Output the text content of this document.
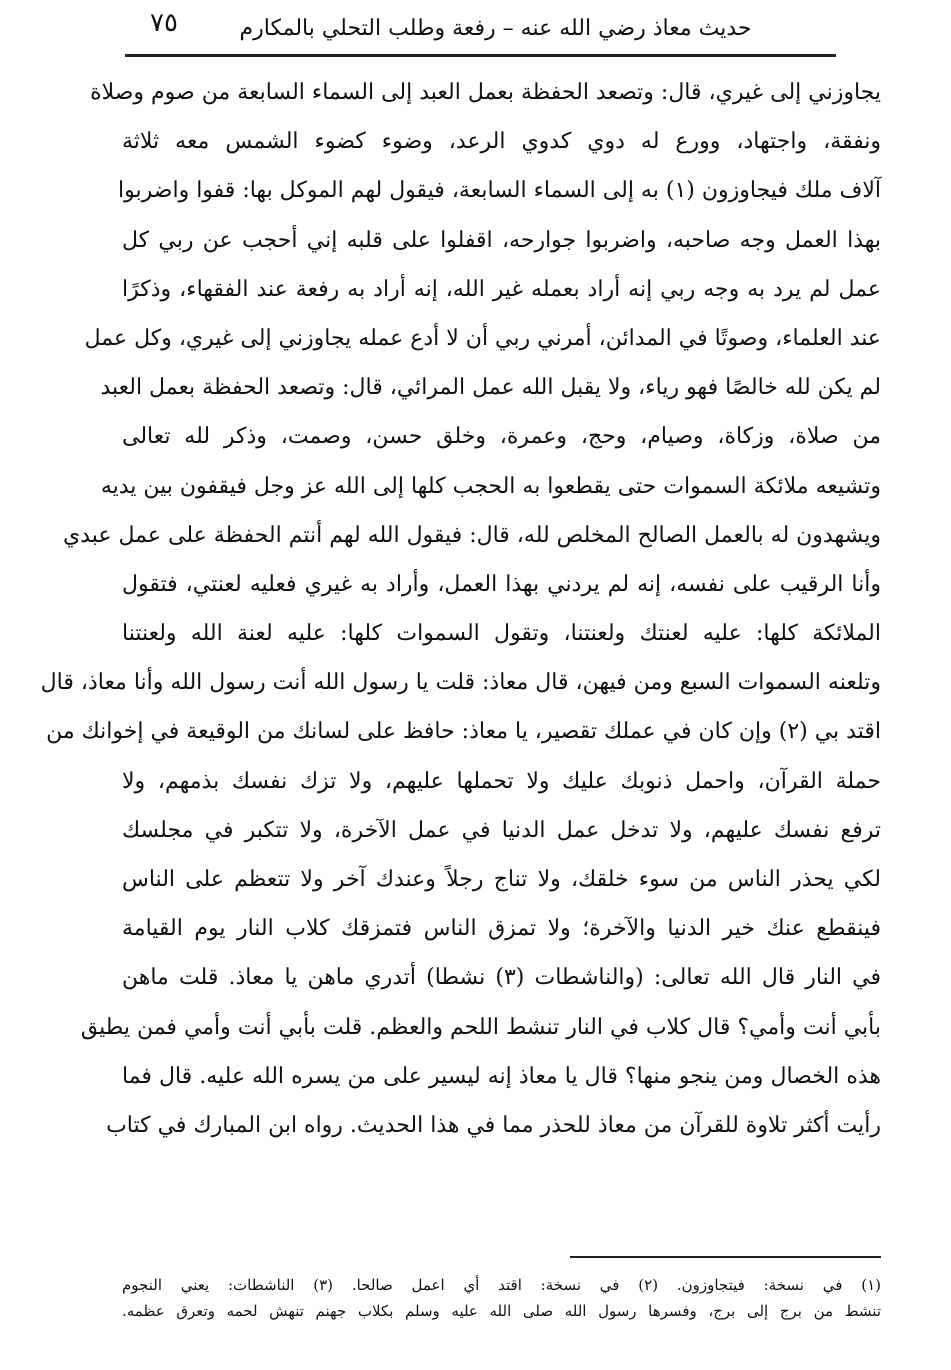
حديث معاذ رضي الله عنه – رفعة وطلب التحلي بالمكارم
٧٥
يجاوزني إلى غيري، قال: وتصعد الحفظة بعمل العبد إلى السماء السابعة من صوم وصلاة
ونفقة، واجتهاد، وورع له دوي كدوي الرعد، وضوء كضوء الشمس معه ثلاثة
آلاف ملك فيجاوزون (١) به إلى السماء السابعة، فيقول لهم الموكل بها: قفوا واضربوا
بهذا العمل وجه صاحبه، واضربوا جوارحه، اقفلوا على قلبه إني أحجب عن ربي كل
عمل لم يرد به وجه ربي إنه أراد بعمله غير الله، إنه أراد به رفعة عند الفقهاء، وذكرًا
عند العلماء، وصوتًا في المدائن، أمرني ربي أن لا أدع عمله يجاوزني إلى غيري، وكل عمل
لم يكن لله خالصًا فهو رياء، ولا يقبل الله عمل المرائي، قال: وتصعد الحفظة بعمل العبد
من صلاة، وزكاة، وصيام، وحج، وعمرة، وخلق حسن، وصمت، وذكر لله تعالى
وتشيعه ملائكة السموات حتى يقطعوا به الحجب كلها إلى الله عز وجل فيقفون بين يديه
ويشهدون له بالعمل الصالح المخلص لله، قال: فيقول الله لهم أنتم الحفظة على عمل عبدي
وأنا الرقيب على نفسه، إنه لم يردني بهذا العمل، وأراد به غيري فعليه لعنتي، فتقول
الملائكة كلها: عليه لعنتك ولعنتنا، وتقول السموات كلها: عليه لعنة الله ولعنتنا
وتلعنه السموات السبع ومن فيهن، قال معاذ: قلت يا رسول الله أنت رسول الله وأنا معاذ، قال
اقتد بي (٢) وإن كان في عملك تقصير، يا معاذ: حافظ على لسانك من الوقيعة في إخوانك من
حملة القرآن، واحمل ذنوبك عليك ولا تحملها عليهم، ولا تزك نفسك بذمهم، ولا
ترفع نفسك عليهم، ولا تدخل عمل الدنيا في عمل الآخرة، ولا تتكبر في مجلسك
لكي يحذر الناس من سوء خلقك، ولا تناج رجلاً وعندك آخر ولا تتعظم على الناس
فينقطع عنك خير الدنيا والآخرة؛ ولا تمزق الناس فتمزقك كلاب النار يوم القيامة
في النار قال الله تعالى: (والناشطات (٣) نشطا) أتدري ماهن يا معاذ. قلت ماهن
بأبي أنت وأمي؟ قال كلاب في النار تنشط اللحم والعظم. قلت بأبي أنت وأمي فمن يطيق
هذه الخصال ومن ينجو منها؟ قال يا معاذ إنه ليسير على من يسره الله عليه. قال فما
رأيت أكثر تلاوة للقرآن من معاذ للحذر مما في هذا الحديث. رواه ابن المبارك في كتاب
(١) في نسخة: فيتجاوزون. (٢) في نسخة: اقتد أي اعمل صالحا. (٣) الناشطات: يعني النجوم
تنشط من برج إلى برج، وفسرها رسول الله صلى الله عليه وسلم بكلاب جهنم تنهش لحمه وتعرق عظمه.
